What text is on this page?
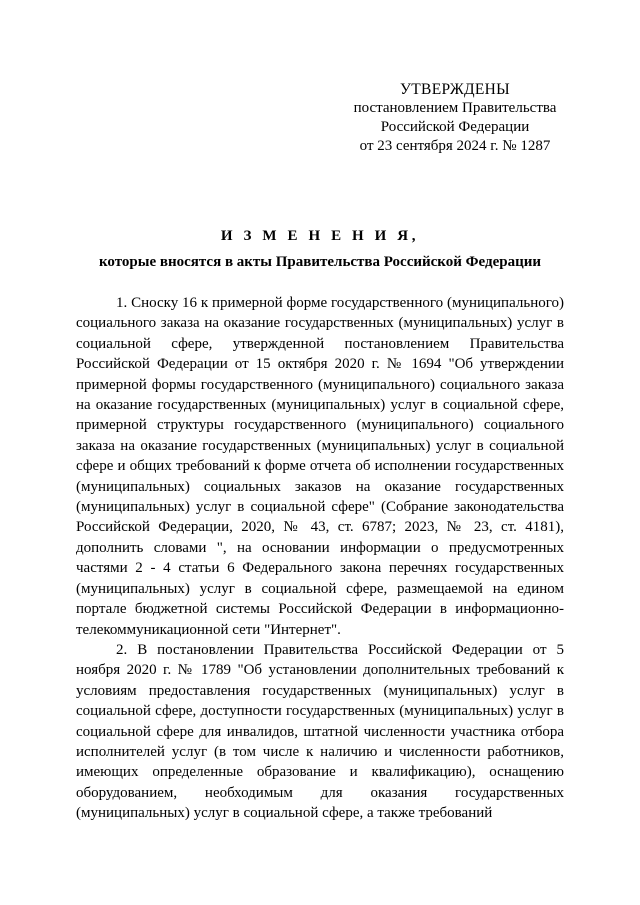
УТВЕРЖДЕНЫ
постановлением Правительства
Российской Федерации
от 23 сентября 2024 г. № 1287
И З М Е Н Е Н И Я,
которые вносятся в акты Правительства Российской Федерации

1. Сноску 16 к примерной форме государственного (муниципального) социального заказа на оказание государственных (муниципальных) услуг в социальной сфере, утвержденной постановлением Правительства Российской Федерации от 15 октября 2020 г. № 1694 "Об утверждении примерной формы государственного (муниципального) социального заказа на оказание государственных (муниципальных) услуг в социальной сфере, примерной структуры государственного (муниципального) социального заказа на оказание государственных (муниципальных) услуг в социальной сфере и общих требований к форме отчета об исполнении государственных (муниципальных) социальных заказов на оказание государственных (муниципальных) услуг в социальной сфере" (Собрание законодательства Российской Федерации, 2020, № 43, ст. 6787; 2023, № 23, ст. 4181), дополнить словами ", на основании информации о предусмотренных частями 2 - 4 статьи 6 Федерального закона перечнях государственных (муниципальных) услуг в социальной сфере, размещаемой на едином портале бюджетной системы Российской Федерации в информационно-телекоммуникационной сети "Интернет".

2. В постановлении Правительства Российской Федерации от 5 ноября 2020 г. № 1789 "Об установлении дополнительных требований к условиям предоставления государственных (муниципальных) услуг в социальной сфере, доступности государственных (муниципальных) услуг в социальной сфере для инвалидов, штатной численности участника отбора исполнителей услуг (в том числе к наличию и численности работников, имеющих определенные образование и квалификацию), оснащению оборудованием, необходимым для оказания государственных (муниципальных) услуг в социальной сфере, а также требований
